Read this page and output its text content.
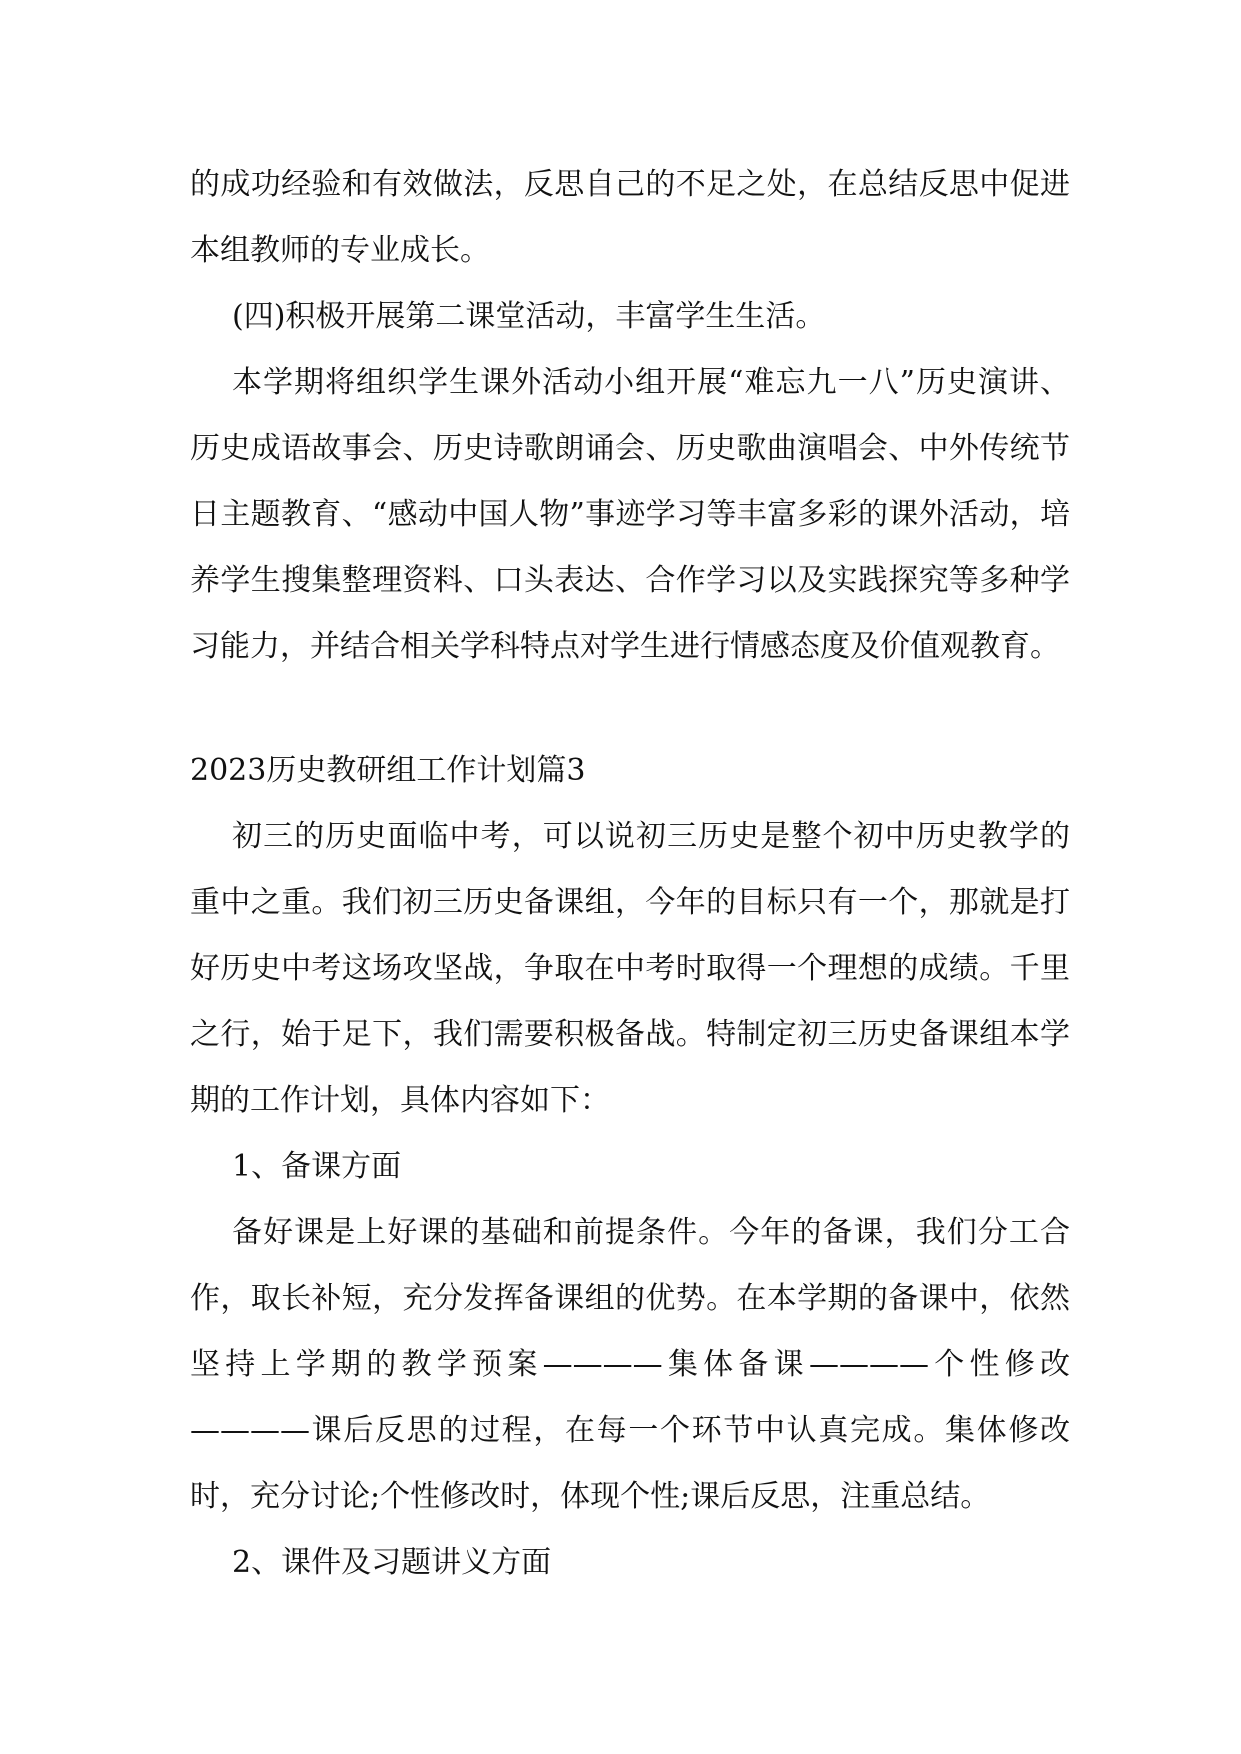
的成功经验和有效做法，反思自己的不足之处，在总结反思中促进本组教师的专业成长。

(四)积极开展第二课堂活动，丰富学生生活。

本学期将组织学生课外活动小组开展“难忘九一八”历史演讲、历史成语故事会、历史诗歌朗诵会、历史歌曲演唱会、中外传统节日主题教育、“感动中国人物”事迹学习等丰富多彩的课外活动，培养学生搜集整理资料、口头表达、合作学习以及实践探究等多种学习能力，并结合相关学科特点对学生进行情感态度及价值观教育。

2023历史教研组工作计划篇3

初三的历史面临中考，可以说初三历史是整个初中历史教学的重中之重。我们初三历史备课组，今年的目标只有一个，那就是打好历史中考这场攻坚战，争取在中考时取得一个理想的成绩。千里之行，始于足下，我们需要积极备战。特制定初三历史备课组本学期的工作计划，具体内容如下：

1、备课方面

备好课是上好课的基础和前提条件。今年的备课，我们分工合作，取长补短，充分发挥备课组的优势。在本学期的备课中，依然坚持上学期的教学预案————集体备课————个性修改————课后反思的过程，在每一个环节中认真完成。集体修改时，充分讨论;个性修改时，体现个性;课后反思，注重总结。

2、课件及习题讲义方面
